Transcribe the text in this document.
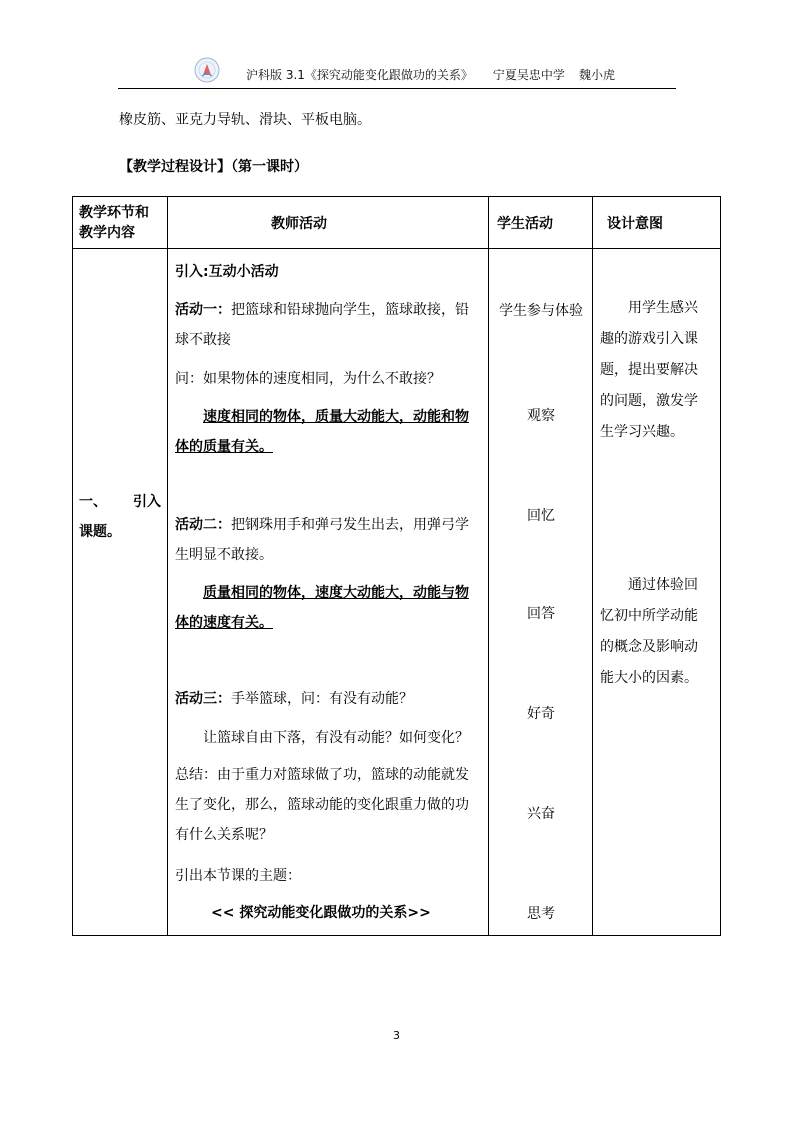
沪科版 3.1《探究动能变化跟做功的关系》 宁夏吴忠中学 魏小虎
橡皮筋、亚克力导轨、滑块、平板电脑。
【教学过程设计】（第一课时）
教学环节和
教学内容
教师活动	学生活动	设计意图
一、 引入
课题。
引入:互动小活动
活动一：把篮球和铅球抛向学生，篮球敢接，铅
球不敢接
问：如果物体的速度相同，为什么不敢接？
速度相同的物体，质量大动能大，动能和物
体的质量有关。
活动二：把钢珠用手和弹弓发生出去，用弹弓学
生明显不敢接。
质量相同的物体，速度大动能大，动能与物
体的速度有关。
活动三：手举篮球，问：有没有动能？
让篮球自由下落，有没有动能？如何变化？
总结：由于重力对篮球做了功，篮球的动能就发
生了变化，那么，篮球动能的变化跟重力做的功
有什么关系呢？
引出本节课的主题：
<< 探究动能变化跟做功的关系>>
学生参与体验
观察
回忆
回答
好奇
兴奋
思考
用学生感兴
趣的游戏引入课
题，提出要解决
的问题，激发学
生学习兴趣。
通过体验回
忆初中所学动能
的概念及影响动
能大小的因素。
3
